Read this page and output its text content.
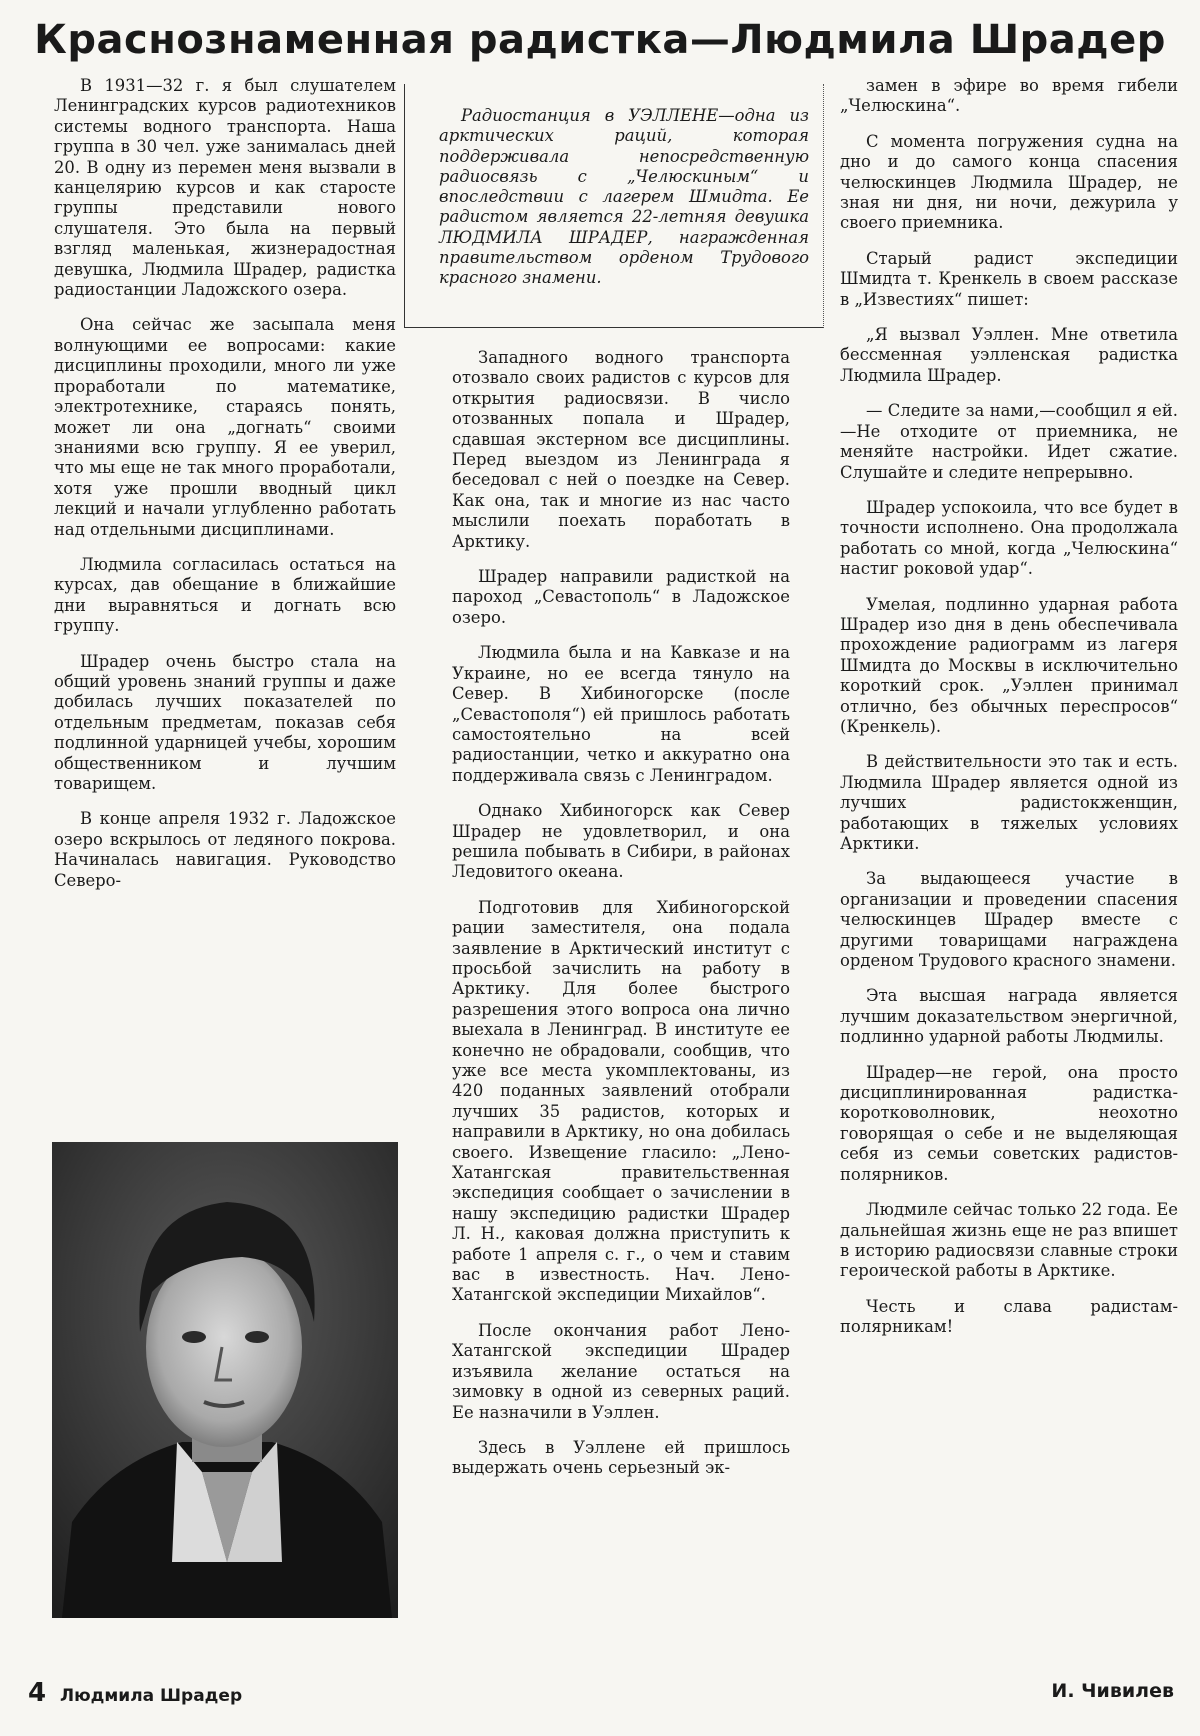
Краснознаменная радистка—Людмила Шрадер

В 1931—32 г. я был слушателем Ленинградских курсов радиотехников системы водного транспорта. Наша группа в 30 чел. уже занималась дней 20. В одну из перемен меня вызвали в канцелярию курсов и как старосте группы представили нового слушателя. Это была на первый взгляд маленькая, жизнерадостная девушка, Людмила Шрадер, радистка радиостанции Ладожского озера.

Она сейчас же засыпала меня волнующими ее вопросами: какие дисциплины проходили, много ли уже проработали по математике, электротехнике, стараясь понять, может ли она „догнать“ своими знаниями всю группу. Я ее уверил, что мы еще не так много проработали, хотя уже прошли вводный цикл лекций и начали углубленно работать над отдельными дисциплинами.

Людмила согласилась остаться на курсах, дав обещание в ближайшие дни выравняться и догнать всю группу.

Шрадер очень быстро стала на общий уровень знаний группы и даже добилась лучших показателей по отдельным предметам, показав себя подлинной ударницей учебы, хорошим общественником и лучшим товарищем.

В конце апреля 1932 г. Ладожское озеро вскрылось от ледяного покрова. Начиналась навигация. Руководство Северо-

Радиостанция в УЭЛЛЕНЕ—одна из арктических раций, которая поддерживала непосредственную радиосвязь с „Челюскиным“ и впоследствии с лагерем Шмидта. Ее радистом является 22-летняя девушка ЛЮДМИЛА ШРАДЕР, награжденная правительством орденом Трудового красного знамени.

Западного водного транспорта отозвало своих радистов с курсов для открытия радиосвязи. В число отозванных попала и Шрадер, сдавшая экстерном все дисциплины. Перед выездом из Ленинграда я беседовал с ней о поездке на Север. Как она, так и многие из нас часто мыслили поехать поработать в Арктику.

Шрадер направили радисткой на пароход „Севастополь“ в Ладожское озеро.

Людмила была и на Кавказе и на Украине, но ее всегда тянуло на Север. В Хибиногорске (после „Севастополя“) ей пришлось работать самостоятельно на всей радиостанции, четко и аккуратно она поддерживала связь с Ленинградом.

Однако Хибиногорск как Север Шрадер не удовлетворил, и она решила побывать в Сибири, в районах Ледовитого океана.

Подготовив для Хибиногорской рации заместителя, она подала заявление в Арктический институт с просьбой зачислить на работу в Арктику. Для более быстрого разрешения этого вопроса она лично выехала в Ленинград. В институте ее конечно не обрадовали, сообщив, что уже все места укомплектованы, из 420 поданных заявлений отобрали лучших 35 радистов, которых и направили в Арктику, но она добилась своего. Извещение гласило: „Лено-Хатангская правительственная экспедиция сообщает о зачислении в нашу экспедицию радистки Шрадер Л. Н., каковая должна приступить к работе 1 апреля с. г., о чем и ставим вас в известность. Нач. Лено-Хатангской экспедиции Михайлов“.

После окончания работ Лено-Хатангской экспедиции Шрадер изъявила желание остаться на зимовку в одной из северных раций. Ее назначили в Уэллен.

Здесь в Уэллене ей пришлось выдержать очень серьезный эк-

замен в эфире во время гибели „Челюскина“.

С момента погружения судна на дно и до самого конца спасения челюскинцев Людмила Шрадер, не зная ни дня, ни ночи, дежурила у своего приемника.

Старый радист экспедиции Шмидта т. Кренкель в своем рассказе в „Известиях“ пишет:

„Я вызвал Уэллен. Мне ответила бессменная уэлленская радистка Людмила Шрадер.

— Следите за нами,—сообщил я ей.—Не отходите от приемника, не меняйте настройки. Идет сжатие. Слушайте и следите непрерывно.

Шрадер успокоила, что все будет в точности исполнено. Она продолжала работать со мной, когда „Челюскина“ настиг роковой удар“.

Умелая, подлинно ударная работа Шрадер изо дня в день обеспечивала прохождение радиограмм из лагеря Шмидта до Москвы в исключительно короткий срок. „Уэллен принимал отлично, без обычных переспросов“ (Кренкель).

В действительности это так и есть. Людмила Шрадер является одной из лучших радистокженщин, работающих в тяжелых условиях Арктики.

За выдающееся участие в организации и проведении спасения челюскинцев Шрадер вместе с другими товарищами награждена орденом Трудового красного знамени.

Эта высшая награда является лучшим доказательством энергичной, подлинно ударной работы Людмилы.

Шрадер—не герой, она просто дисциплинированная радистка-коротковолновик, неохотно говорящая о себе и не выделяющая себя из семьи советских радистов-полярников.

Людмиле сейчас только 22 года. Ее дальнейшая жизнь еще не раз впишет в историю радиосвязи славные строки героической работы в Арктике.

Честь и слава радистам-полярникам!

4 Людмила Шрадер	И. Чивилев
